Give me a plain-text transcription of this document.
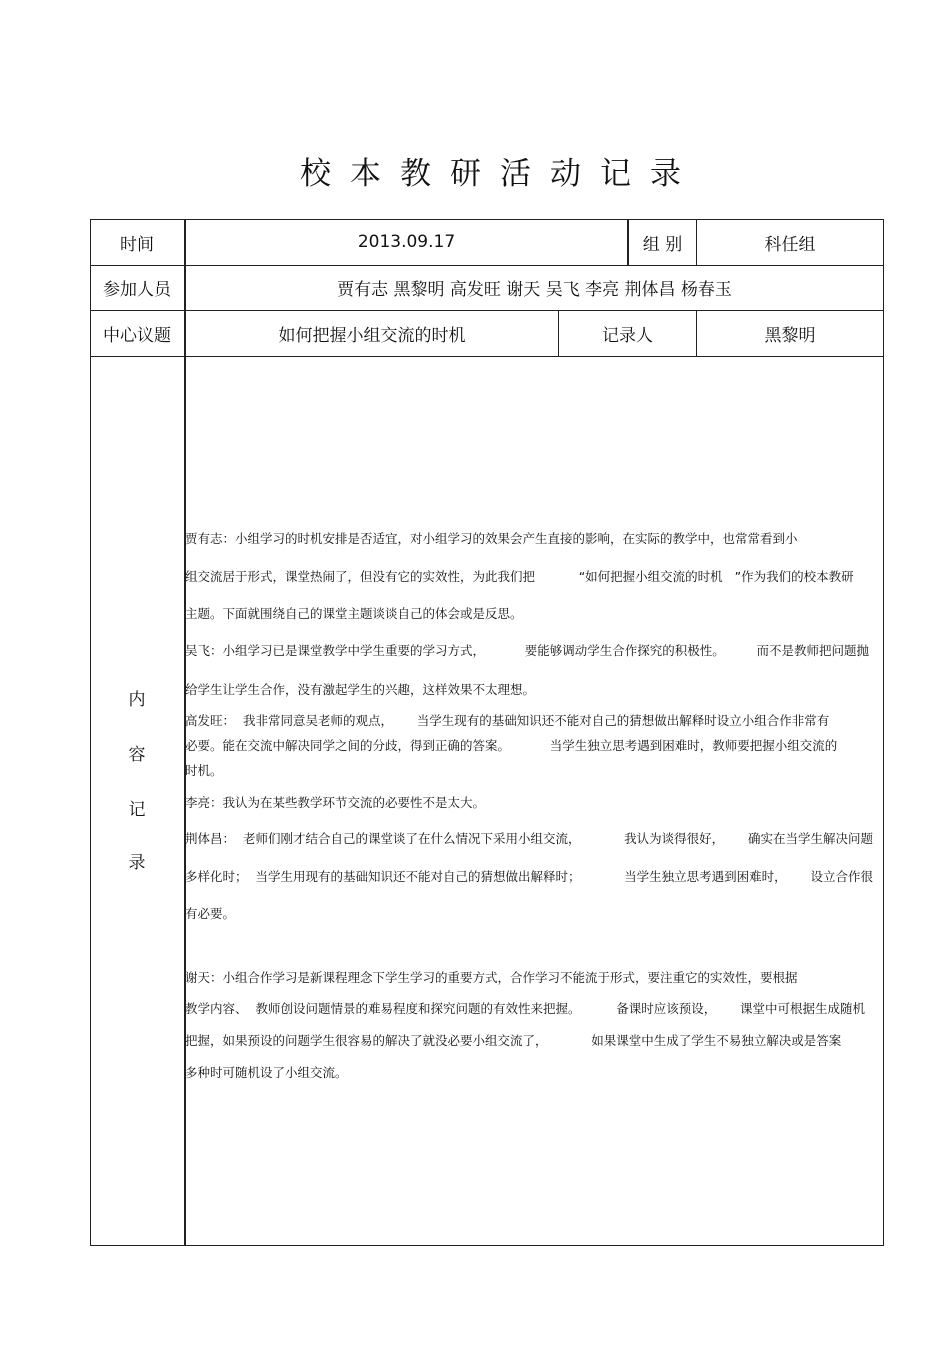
校本教研活动记录
时间	2013.09.17	组 别	科任组
参加人员	贾有志 黑黎明 高发旺 谢天 吴飞 李亮 荆体昌 杨春玉
中心议题	如何把握小组交流的时机	记录人	黑黎明
内
容
记
录
贾有志：小组学习的时机安排是否适宜，对小组学习的效果会产生直接的影响，在实际的教学中，也常常看到小
组交流居于形式，课堂热闹了，但没有它的实效性，为此我们把           “如何把握小组交流的时机   ”作为我们的校本教研
主题。下面就围绕自己的课堂主题谈谈自己的体会或是反思。
吴飞：小组学习已是课堂教学中学生重要的学习方式，          要能够调动学生合作探究的积极性。        而不是教师把问题抛
给学生让学生合作，没有激起学生的兴趣，这样效果不太理想。
高发旺：  我非常同意吴老师的观点，      当学生现有的基础知识还不能对自己的猜想做出解释时设立小组合作非常有
必要。能在交流中解决同学之间的分歧，得到正确的答案。          当学生独立思考遇到困难时，教师要把握小组交流的
时机。
李亮：我认为在某些教学环节交流的必要性不是太大。
荆体昌：  老师们刚才结合自己的课堂谈了在什么情况下采用小组交流，           我认为谈得很好，      确实在当学生解决问题
多样化时；  当学生用现有的基础知识还不能对自己的猜想做出解释时；           当学生独立思考遇到困难时，      设立合作很
有必要。
谢天：小组合作学习是新课程理念下学生学习的重要方式，合作学习不能流于形式，要注重它的实效性，要根据
教学内容、  教师创设问题情景的难易程度和探究问题的有效性来把握。         备课时应该预设，      课堂中可根据生成随机
把握，如果预设的问题学生很容易的解决了就没必要小组交流了，           如果课堂中生成了学生不易独立解决或是答案
多种时可随机设了小组交流。
